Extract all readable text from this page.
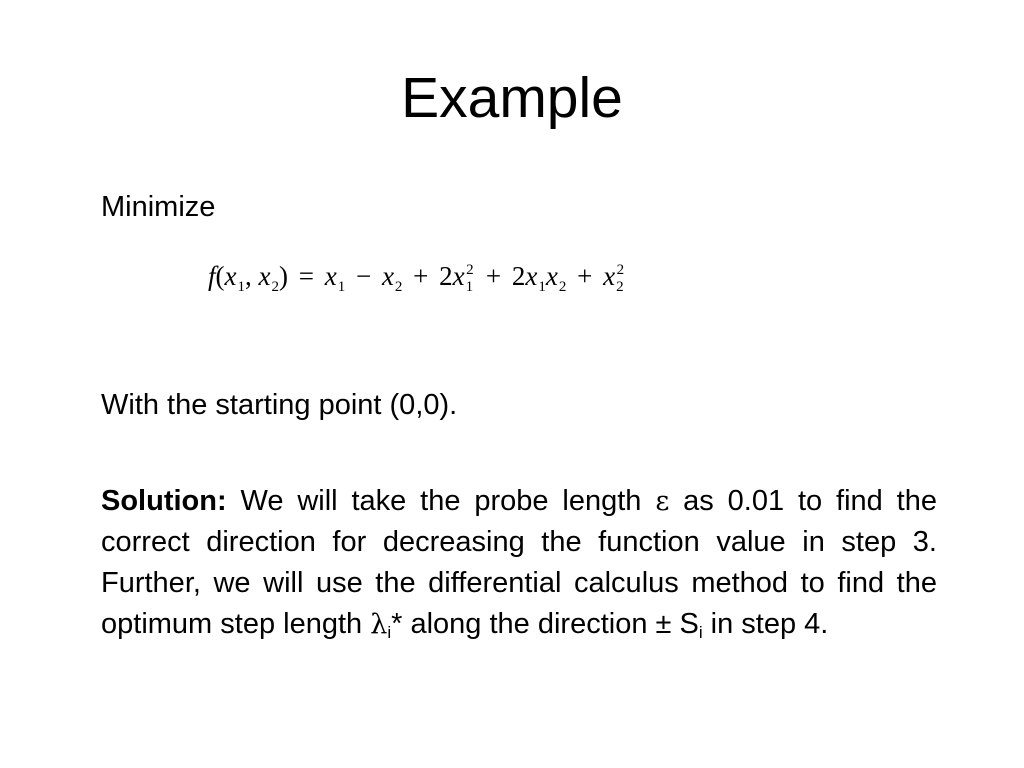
Example
Minimize
$f(x_1$, $x_2) = x_1 - x_2 + 2x_1$
$2 + 2x_1x_2 + x_2$
2
With the starting point (0,0).
Solution: We will take the probe length ε as 0.01 to find the correct direction for decreasing the function value in step 3. Further, we will use the differential calculus method to find the optimum step length $\lambda_i*$ along the direction ± $S_i$ in step 4.
